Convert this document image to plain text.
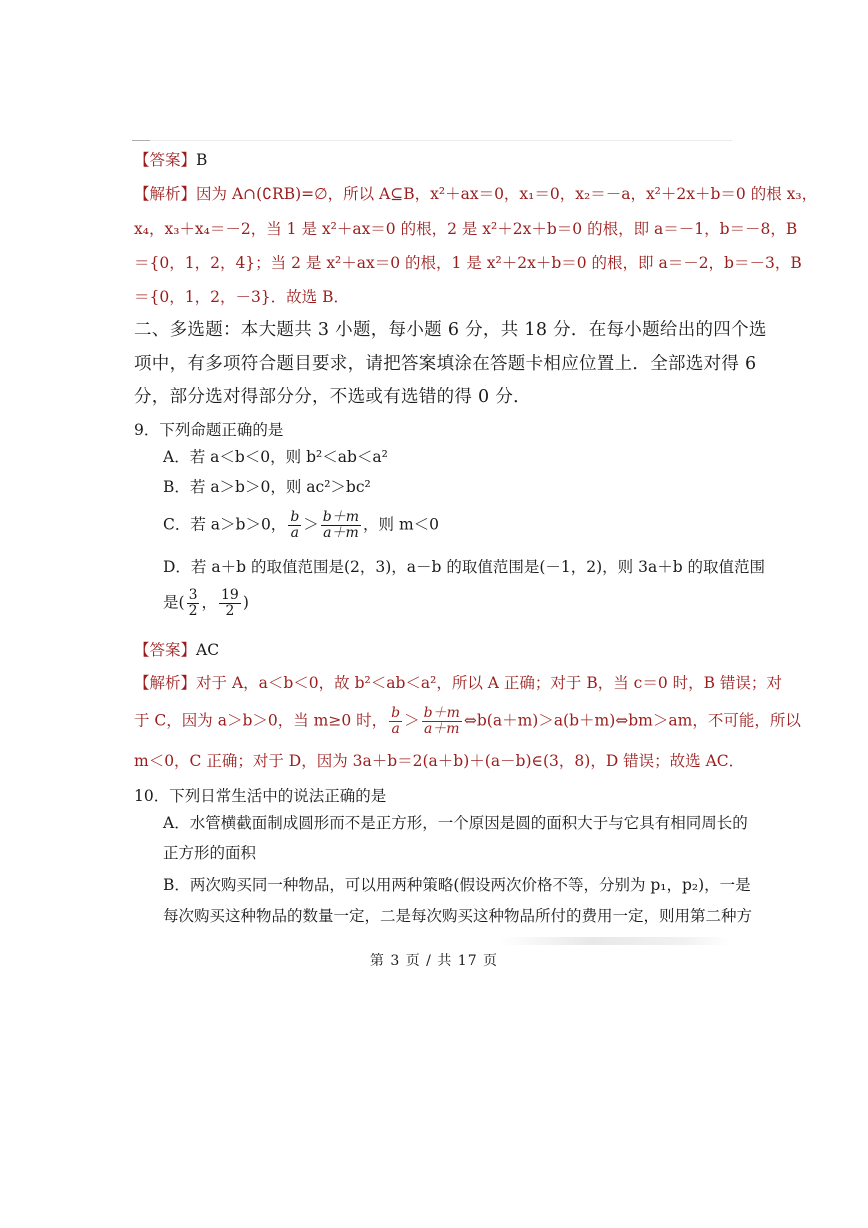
【答案】B
【解析】因为 A∩(∁RB)=∅，所以 A⊆B，x²＋ax＝0，x₁＝0，x₂＝－a，x²＋2x＋b＝0 的根 x₃，
x₄，x₃＋x₄＝－2，当 1 是 x²＋ax＝0 的根，2 是 x²＋2x＋b＝0 的根，即 a＝－1，b＝－8，B
＝{0，1，2，4}；当 2 是 x²＋ax＝0 的根，1 是 x²＋2x＋b＝0 的根，即 a＝－2，b＝－3，B
＝{0，1，2，－3}．故选 B．
二、多选题：本大题共 3 小题，每小题 6 分，共 18 分．在每小题给出的四个选
项中，有多项符合题目要求，请把答案填涂在答题卡相应位置上．全部选对得 6
分，部分选对得部分分，不选或有选错的得 0 分．
9．下列命题正确的是
A．若 a＜b＜0，则 b²＜ab＜a²
B．若 a＞b＞0，则 ac²＞bc²
C．若 a＞b＞0， $\frac{b}{a} > \frac{b+m}{a+m}$ ，则 m＜0
D．若 a＋b 的取值范围是(2，3)，a－b 的取值范围是(－1，2)，则 3a＋b 的取值范围
是( $\frac{3}{2}$ ， $\frac{19}{2}$ )
【答案】AC
【解析】对于 A，a＜b＜0，故 b²＜ab＜a²，所以 A 正确；对于 B，当 c＝0 时，B 错误；对
于 C，因为 a＞b＞0，当 m≥0 时， $\frac{b}{a} > \frac{b+m}{a+m}$ ⇔b(a＋m)＞a(b＋m)⇔bm＞am，不可能，所以
m＜0，C 正确；对于 D，因为 3a＋b＝2(a＋b)＋(a－b)∈(3，8)，D 错误；故选 AC．
10．下列日常生活中的说法正确的是
A．水管横截面制成圆形而不是正方形，一个原因是圆的面积大于与它具有相同周长的
正方形的面积
B．两次购买同一种物品，可以用两种策略(假设两次价格不等，分别为 p₁，p₂)，一是
每次购买这种物品的数量一定，二是每次购买这种物品所付的费用一定，则用第二种方
第 3 页 / 共 17 页
